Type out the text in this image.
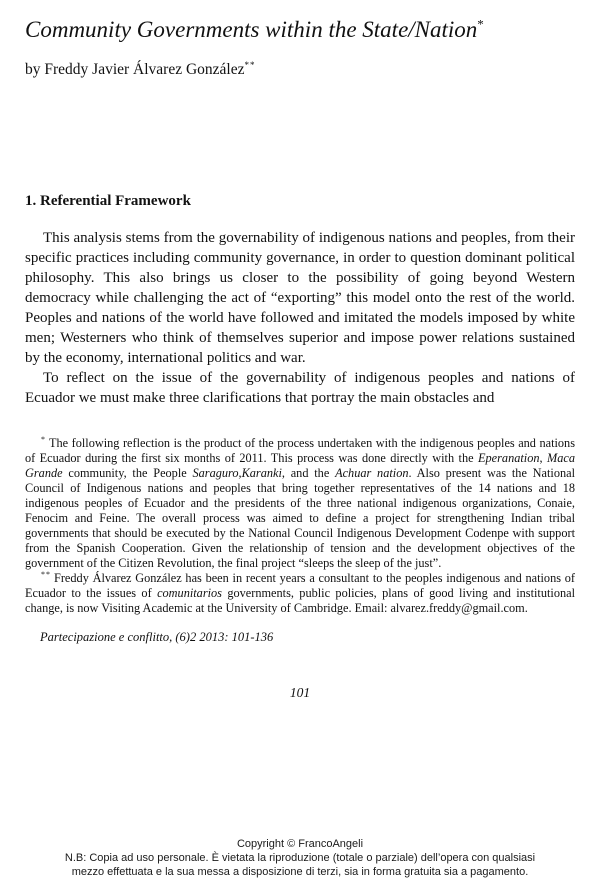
Community Governments within the State/Nation*
by Freddy Javier Álvarez González**
1. Referential Framework

This analysis stems from the governability of indigenous nations and peoples, from their specific practices including community governance, in order to question dominant political philosophy. This also brings us closer to the possibility of going beyond Western democracy while challenging the act of “exporting” this model onto the rest of the world. Peoples and nations of the world have followed and imitated the models imposed by white men; Westerners who think of themselves superior and impose power relations sustained by the economy, international politics and war.

To reflect on the issue of the governability of indigenous peoples and nations of Ecuador we must make three clarifications that portray the main obstacles and

* The following reflection is the product of the process undertaken with the indigenous peoples and nations of Ecuador during the first six months of 2011. This process was done directly with the Eperanation, Maca Grande community, the People Saraguro,Karanki, and the Achuar nation. Also present was the National Council of Indigenous nations and peoples that bring together representatives of the 14 nations and 18 indigenous peoples of Ecuador and the presidents of the three national indigenous organizations, Conaie, Fenocim and Feine. The overall process was aimed to define a project for strengthening Indian tribal governments that should be executed by the National Council Indigenous Development Codenpe with support from the Spanish Cooperation. Given the relationship of tension and the development objectives of the government of the Citizen Revolution, the final project “sleeps the sleep of the just”.

** Freddy Álvarez González has been in recent years a consultant to the peoples indigenous and nations of Ecuador to the issues of comunitarios governments, public policies, plans of good living and institutional change, is now Visiting Academic at the University of Cambridge. Email: alvarez.freddy@gmail.com.

Partecipazione e conflitto, (6)2 2013: 101-136
101
Copyright © FrancoAngeli
N.B: Copia ad uso personale. È vietata la riproduzione (totale o parziale) dell’opera con qualsiasi
mezzo effettuata e la sua messa a disposizione di terzi, sia in forma gratuita sia a pagamento.
